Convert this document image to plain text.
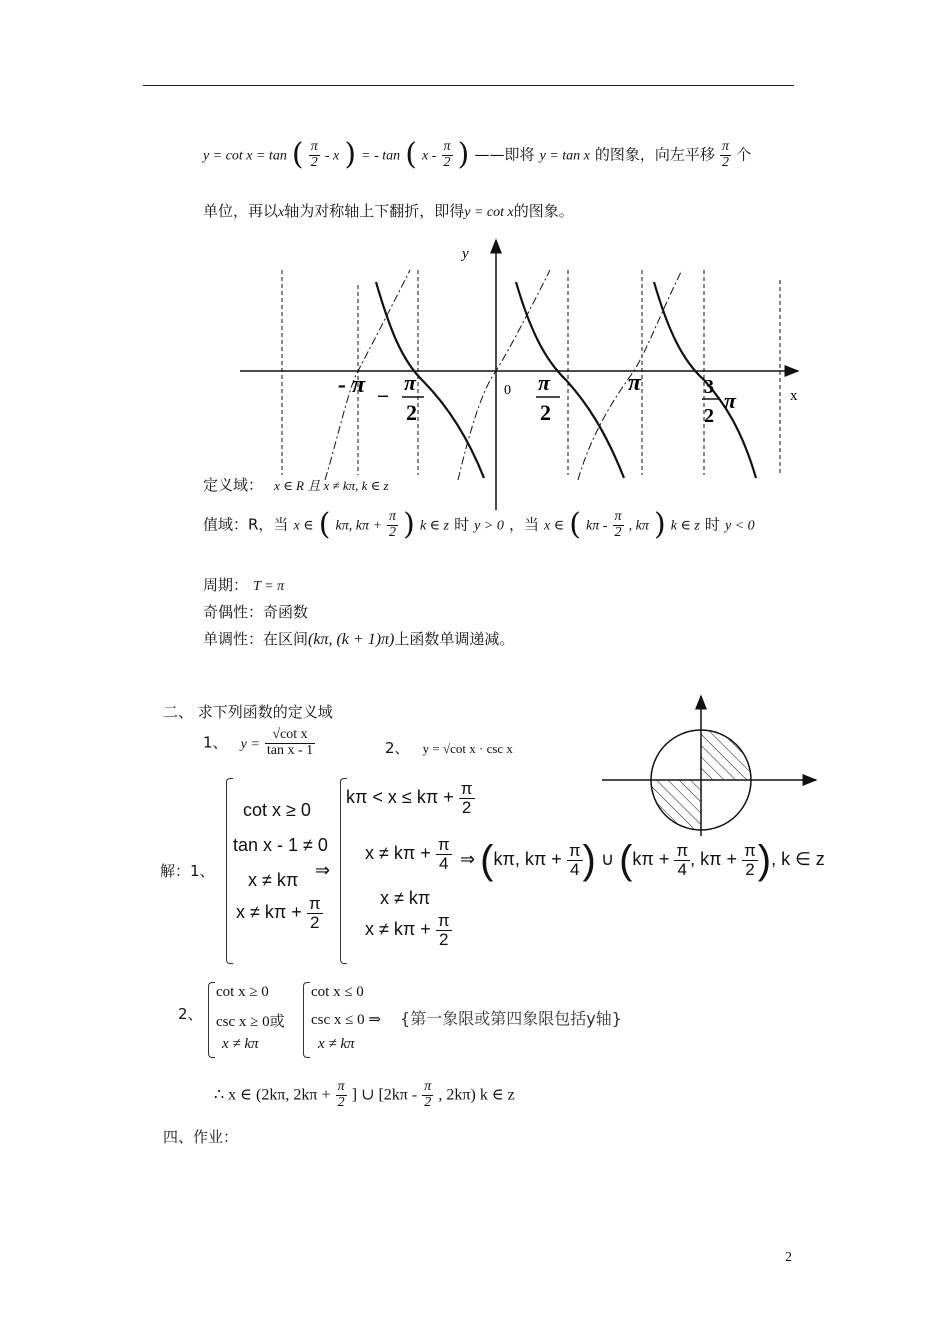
y = cot x = tan ( $\frac{\pi}{2}$ - x ) = - tan ( x - $\frac{\pi}{2}$ ) ——即将 y = tan x 的图象，向左平移 $\frac{\pi}{2}$ 个
单位，再以x轴为对称轴上下翻折，即得y = cot x的图象。
y
x
0
- π _ π
2
π
2
π	3
2
π
定义域： x ∈ R 且 x ≠ kπ, k ∈ z
值域：R，当 x ∈ ( kπ, $k\pi + \frac{\pi}{2}$ ) k ∈ z 时 y > 0 ，当 x ∈ ( kπ - $\frac{\pi}{2}$ , kπ ) k ∈ z 时 y < 0
周期： T = π
奇偶性：奇函数
单调性：在区间(kπ, (k + 1)π)上函数单调递减。
二、 求下列函数的定义域
1、 $y = \frac{\text{√cot x}}{\text{tan x - 1}}$	2、 y = √cot x · csc x
解：1、
cot x ≥ 0
tan x - 1 ≠ 0
x ≠ kπ
$x \ne k\pi + \frac{\pi}{2}$
⇒
$k\pi < x \le k\pi + \frac{\pi}{2}$
$x \ne k\pi + \frac{\pi}{4}$
x ≠ kπ
$x \ne k\pi + \frac{\pi}{2}$
⇒ (kπ, $k\pi + \frac{\pi}{4}$ ) ∪ ($k\pi + \frac{\pi}{4}$ , $k\pi + \frac{\pi}{2}$ ), k ∈ z
2、
cot x ≥ 0
csc x ≥ 0或
x ≠ kπ
cot x ≤ 0
csc x ≤ 0 ⇒
x ≠ kπ
{第一象限或第四象限包括y轴}
∴ x ∈ (2kπ, $2k\pi + \frac{\pi}{2}$ ] ∪ [$2k\pi - \frac{\pi}{2}$ , 2kπ) k ∈ z
四、作业：
2
